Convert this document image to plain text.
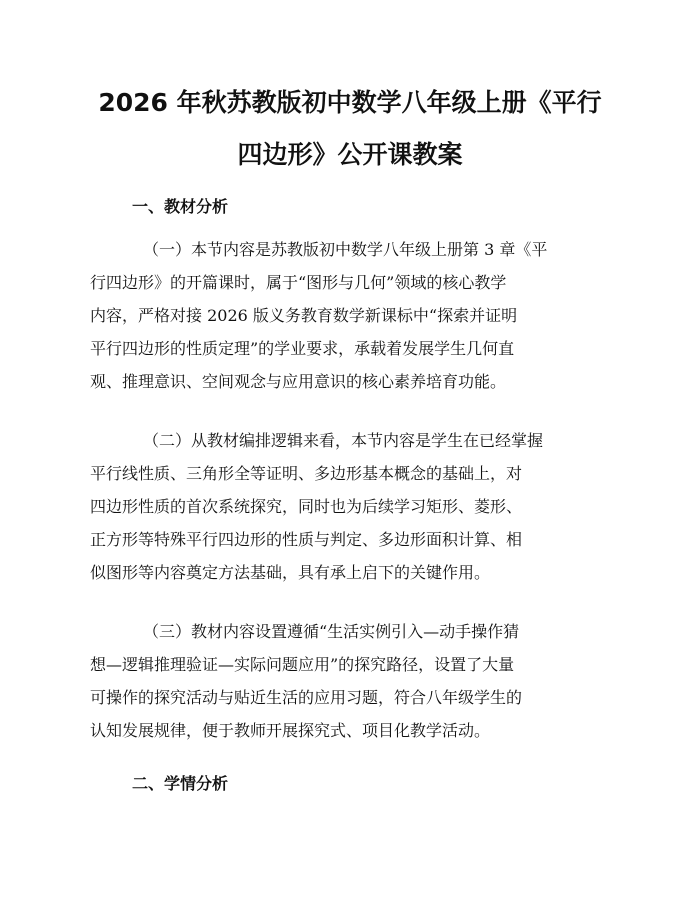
2026 年秋苏教版初中数学八年级上册《平行
四边形》公开课教案
一、教材分析
（一）本节内容是苏教版初中数学八年级上册第 3 章《平
行四边形》的开篇课时，属于“图形与几何”领域的核心教学
内容，严格对接 2026 版义务教育数学新课标中“探索并证明
平行四边形的性质定理”的学业要求，承载着发展学生几何直
观、推理意识、空间观念与应用意识的核心素养培育功能。
（二）从教材编排逻辑来看，本节内容是学生在已经掌握
平行线性质、三角形全等证明、多边形基本概念的基础上，对
四边形性质的首次系统探究，同时也为后续学习矩形、菱形、
正方形等特殊平行四边形的性质与判定、多边形面积计算、相
似图形等内容奠定方法基础，具有承上启下的关键作用。
（三）教材内容设置遵循“生活实例引入—动手操作猜
想—逻辑推理验证—实际问题应用”的探究路径，设置了大量
可操作的探究活动与贴近生活的应用习题，符合八年级学生的
认知发展规律，便于教师开展探究式、项目化教学活动。
二、学情分析
